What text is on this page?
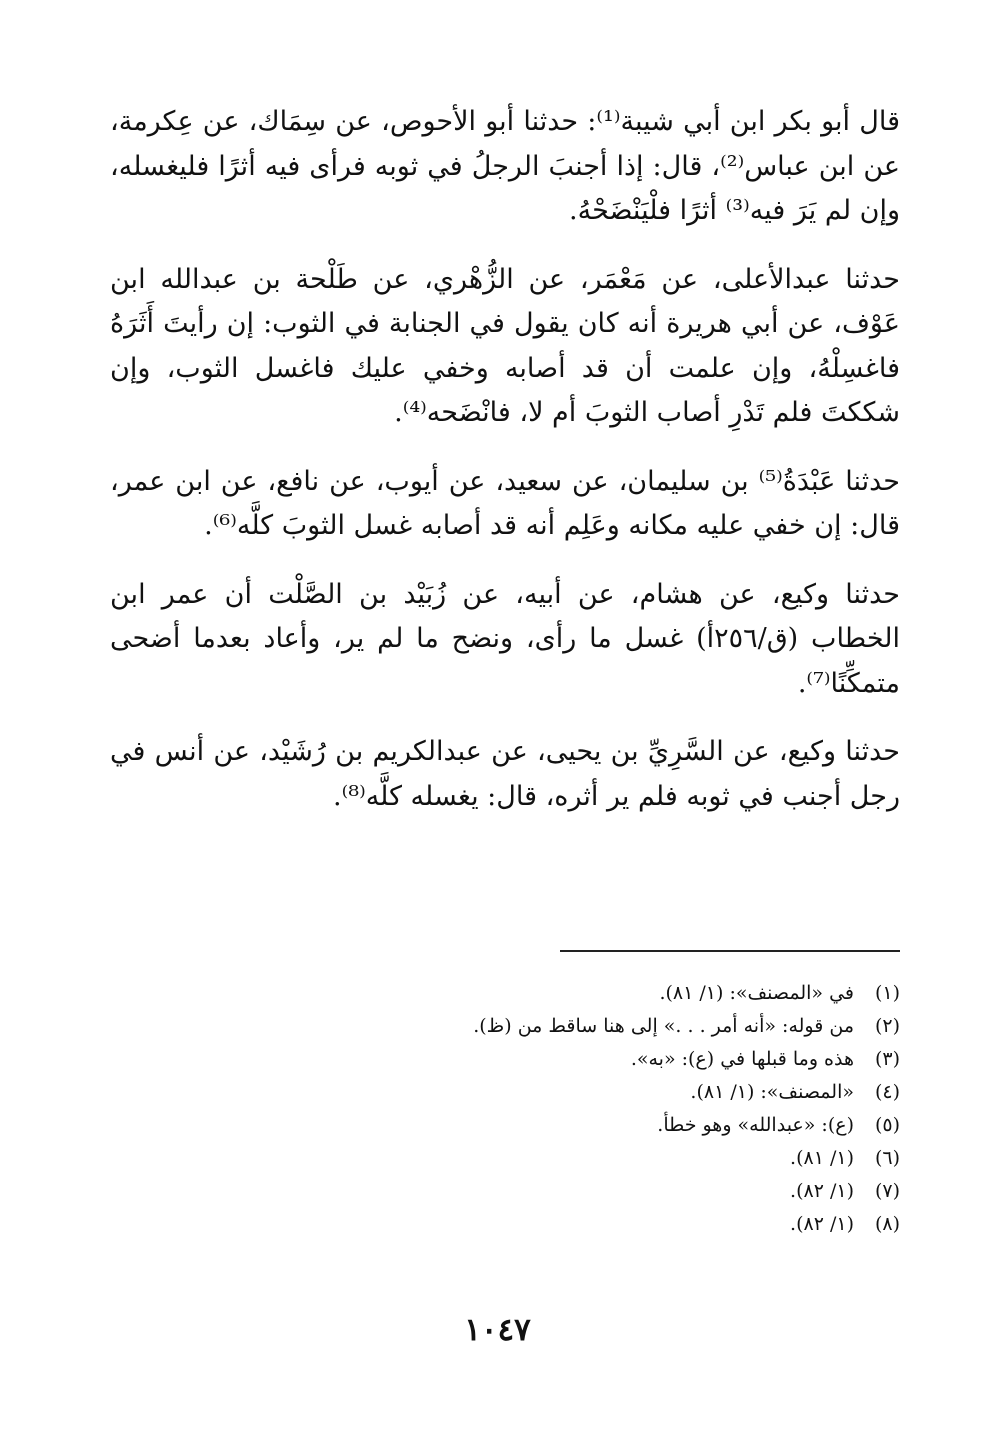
قال أبو بكر ابن أبي شيبة⁽¹⁾: حدثنا أبو الأحوص، عن سِمَاك، عن عِكرمة، عن ابن عباس⁽²⁾، قال: إذا أجنبَ الرجلُ في ثوبه فرأى فيه أثرًا فليغسله، وإن لم يَرَ فيه⁽³⁾ أثرًا فلْيَنْضَحْهُ.

حدثنا عبدالأعلى، عن مَعْمَر، عن الزُّهْري، عن طَلْحة بن عبدالله ابن عَوْف، عن أبي هريرة أنه كان يقول في الجنابة في الثوب: إن رأيتَ أَثَرَهُ فاغسِلْهُ، وإن علمت أن قد أصابه وخفي عليك فاغسل الثوب، وإن شككتَ فلم تَدْرِ أصاب الثوبَ أم لا، فانْضَحه⁽⁴⁾.

حدثنا عَبْدَةُ⁽⁵⁾ بن سليمان، عن سعيد، عن أيوب، عن نافع، عن ابن عمر، قال: إن خفي عليه مكانه وعَلِم أنه قد أصابه غسل الثوبَ كلَّه⁽⁶⁾.

حدثنا وكيع، عن هشام، عن أبيه، عن زُبَيْد بن الصَّلْت أن عمر ابن الخطاب (ق/٢٥٦أ) غسل ما رأى، ونضح ما لم ير، وأعاد بعدما أضحى متمكِّنًا⁽⁷⁾.

حدثنا وكيع، عن السَّرِيِّ بن يحيى، عن عبدالكريم بن رُشَيْد، عن أنس في رجل أجنب في ثوبه فلم ير أثره، قال: يغسله كلَّه⁽⁸⁾.

(١)
في «المصنف»: (١/ ٨١).
(٢)
من قوله: «أنه أمر . . .» إلى هنا ساقط من (ظ).
(٣)
هذه وما قبلها في (ع): «به».
(٤)
«المصنف»: (١/ ٨١).
(٥)
(ع): «عبدالله» وهو خطأ.
(٦)
(١/ ٨١).
(٧)
(١/ ٨٢).
(٨)
(١/ ٨٢).
١٠٤٧
